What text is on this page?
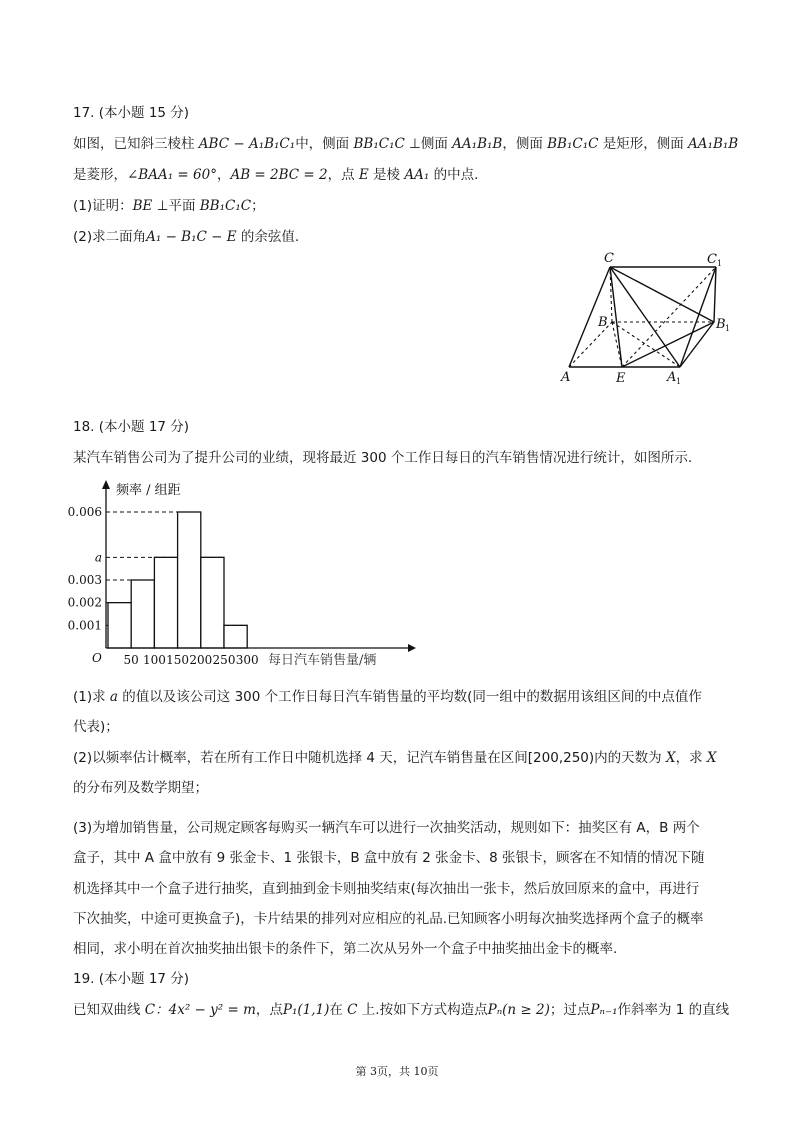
17. (本小题 15 分)
如图，已知斜三棱柱 ABC − A₁B₁C₁中，侧面 BB₁C₁C ⊥侧面 AA₁B₁B，侧面 BB₁C₁C 是矩形，侧面 AA₁B₁B
是菱形，∠BAA₁ = 60°，AB = 2BC = 2，点 E 是棱 AA₁ 的中点.
(1)证明：BE ⊥平面 BB₁C₁C；
(2)求二面角A₁ − B₁C − E 的余弦值.
C	C 1
B	B 1
A	E	A 1
18. (本小题 17 分)
某汽车销售公司为了提升公司的业绩，现将最近 300 个工作日每日的汽车销售情况进行统计，如图所示.
0.001
0.002
0.003
a
0.006
50 100 150 200 250 300
O
频率 / 组距
每日汽车销售量/辆
(1)求 a 的值以及该公司这 300 个工作日每日汽车销售量的平均数(同一组中的数据用该组区间的中点值作
代表)；
(2)以频率估计概率，若在所有工作日中随机选择 4 天，记汽车销售量在区间[200,250)内的天数为 X，求 X
的分布列及数学期望；
(3)为增加销售量，公司规定顾客每购买一辆汽车可以进行一次抽奖活动，规则如下：抽奖区有 A，B 两个
盒子，其中 A 盒中放有 9 张金卡、1 张银卡，B 盒中放有 2 张金卡、8 张银卡，顾客在不知情的情况下随
机选择其中一个盒子进行抽奖，直到抽到金卡则抽奖结束(每次抽出一张卡，然后放回原来的盒中，再进行
下次抽奖，中途可更换盒子)，卡片结果的排列对应相应的礼品.已知顾客小明每次抽奖选择两个盒子的概率
相同，求小明在首次抽奖抽出银卡的条件下，第二次从另外一个盒子中抽奖抽出金卡的概率.
19. (本小题 17 分)
已知双曲线 C：4x² − y² = m，点P₁(1,1)在 C 上.按如下方式构造点Pₙ(n ≥ 2)；过点Pₙ₋₁作斜率为 1 的直线
第 3页，共 10页
